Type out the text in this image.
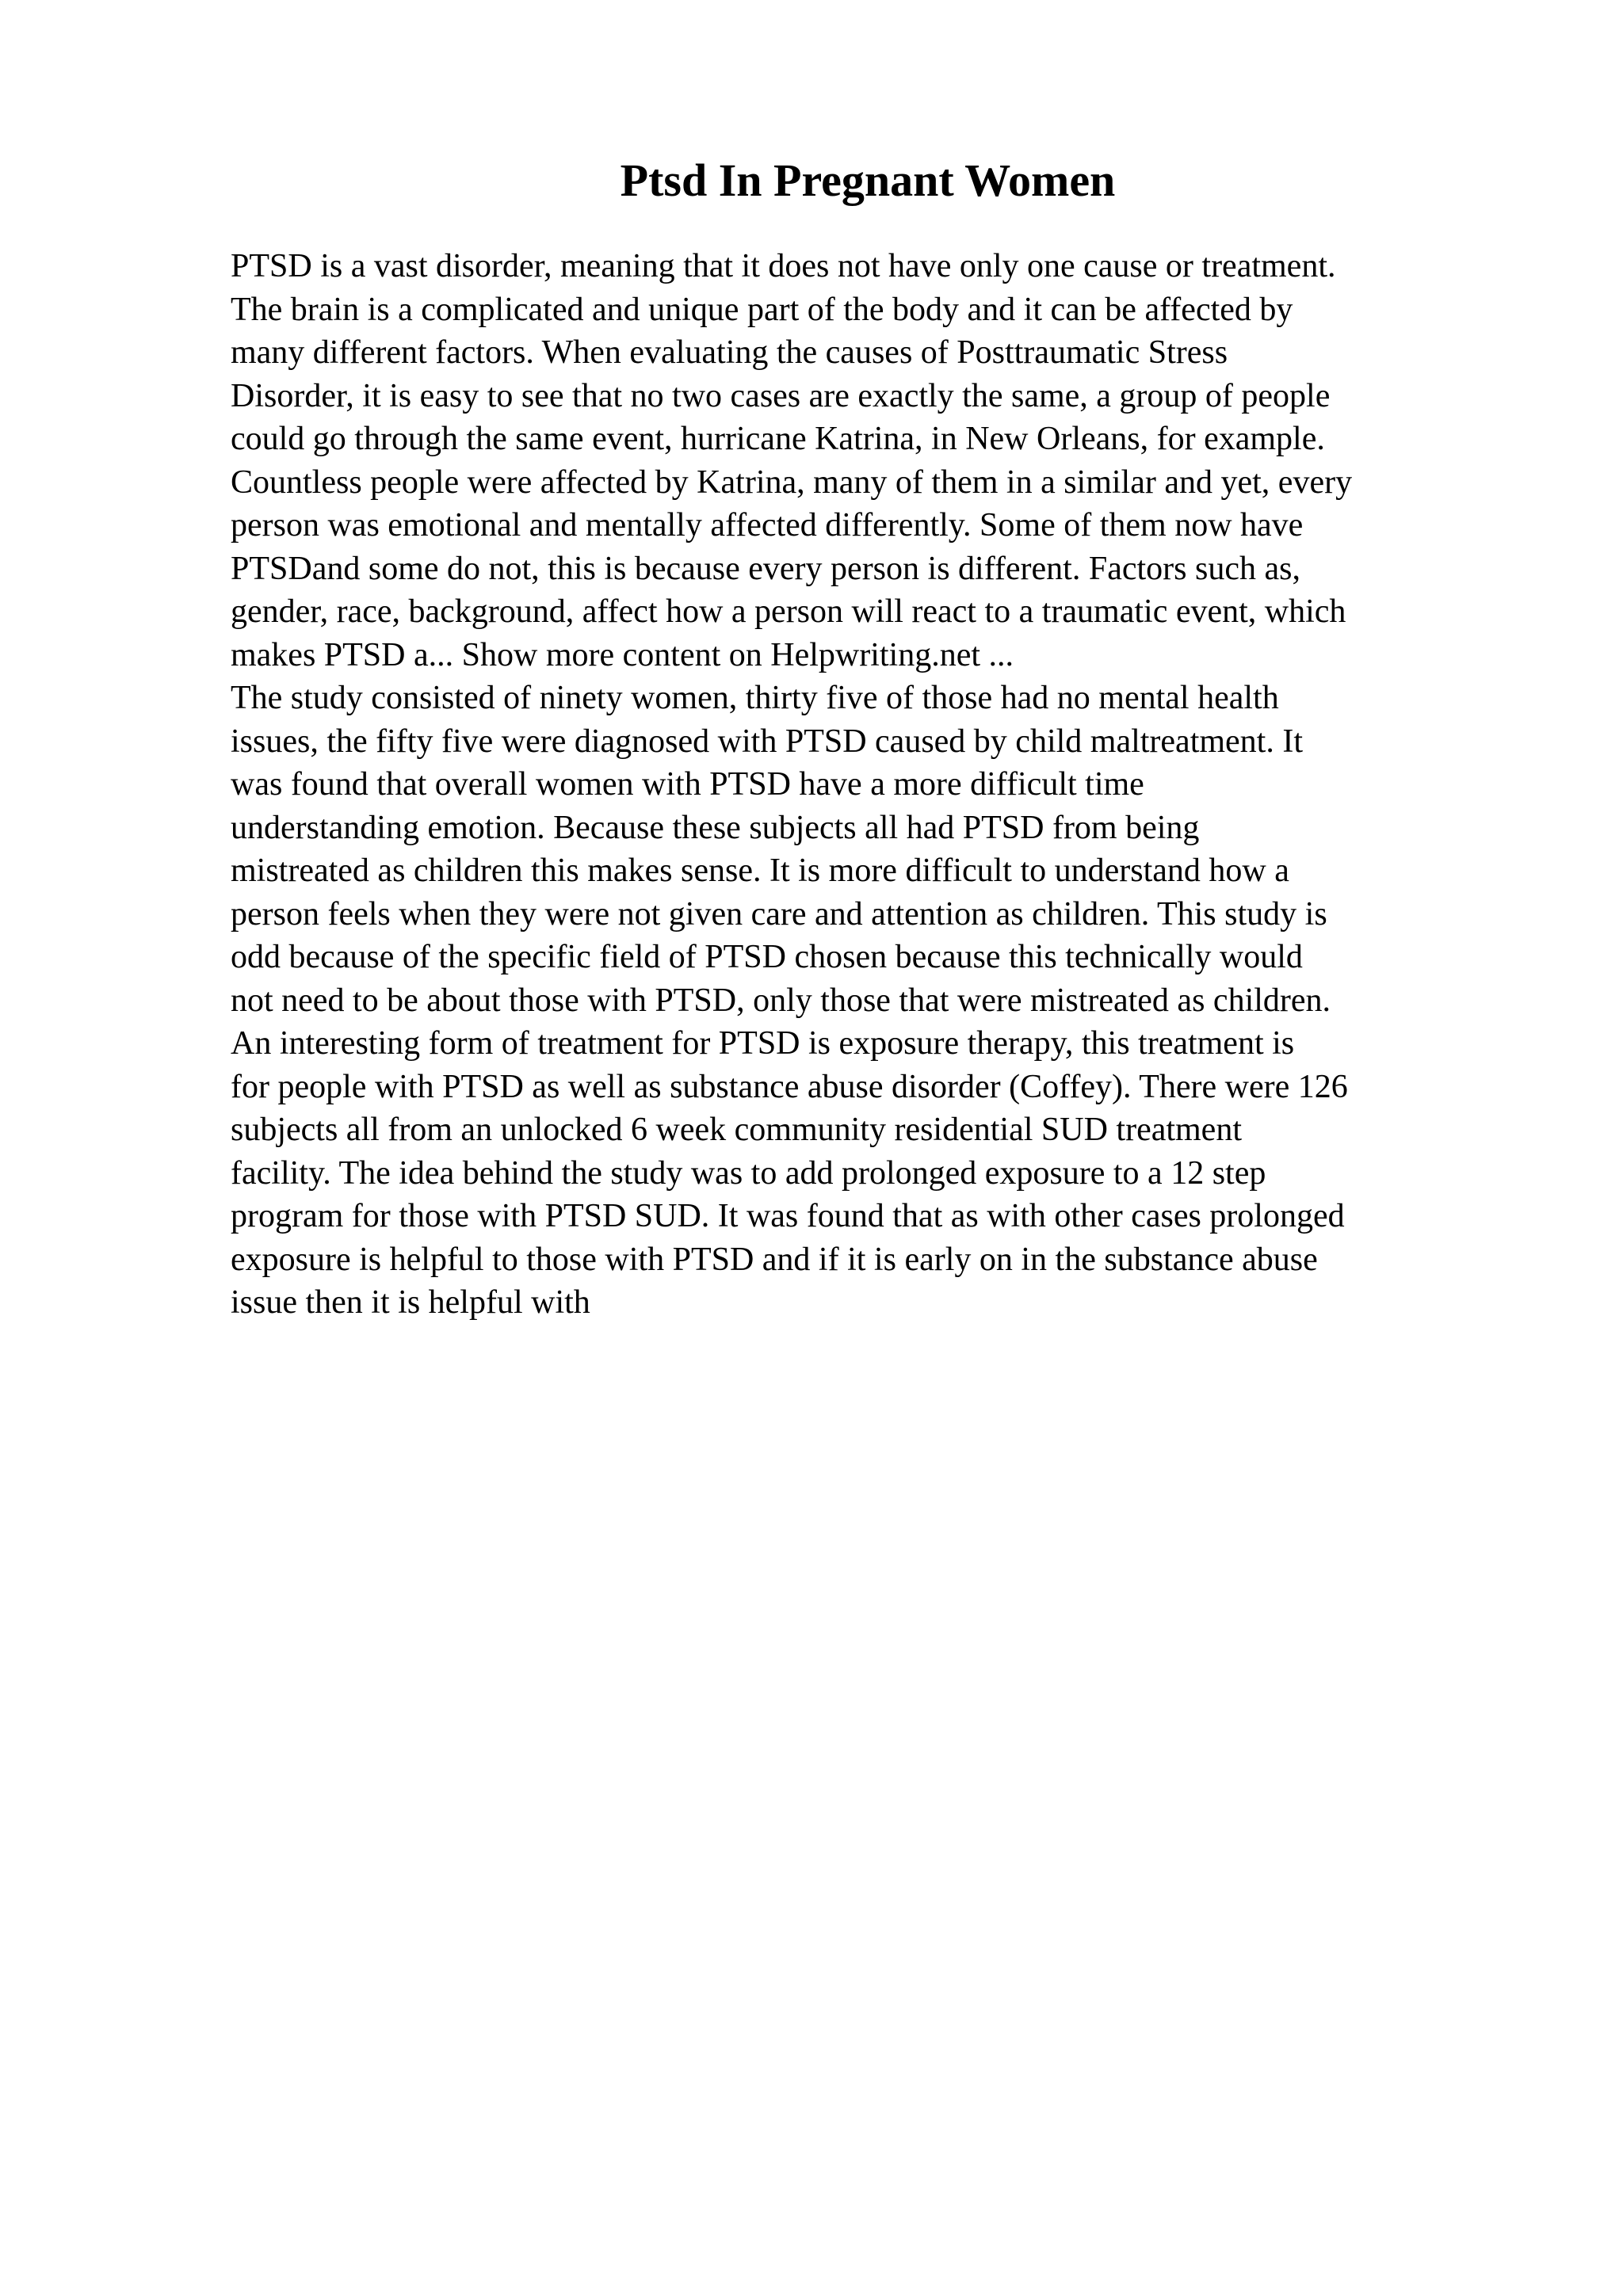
Ptsd In Pregnant Women
PTSD is a vast disorder, meaning that it does not have only one cause or treatment.
The brain is a complicated and unique part of the body and it can be affected by
many different factors. When evaluating the causes of Posttraumatic Stress
Disorder, it is easy to see that no two cases are exactly the same, a group of people
could go through the same event, hurricane Katrina, in New Orleans, for example.
Countless people were affected by Katrina, many of them in a similar and yet, every
person was emotional and mentally affected differently. Some of them now have
PTSDand some do not, this is because every person is different. Factors such as,
gender, race, background, affect how a person will react to a traumatic event, which
makes PTSD a... Show more content on Helpwriting.net ...
The study consisted of ninety women, thirty five of those had no mental health
issues, the fifty five were diagnosed with PTSD caused by child maltreatment. It
was found that overall women with PTSD have a more difficult time
understanding emotion. Because these subjects all had PTSD from being
mistreated as children this makes sense. It is more difficult to understand how a
person feels when they were not given care and attention as children. This study is
odd because of the specific field of PTSD chosen because this technically would
not need to be about those with PTSD, only those that were mistreated as children.
An interesting form of treatment for PTSD is exposure therapy, this treatment is
for people with PTSD as well as substance abuse disorder (Coffey). There were 126
subjects all from an unlocked 6 week community residential SUD treatment
facility. The idea behind the study was to add prolonged exposure to a 12 step
program for those with PTSD SUD. It was found that as with other cases prolonged
exposure is helpful to those with PTSD and if it is early on in the substance abuse
issue then it is helpful with
